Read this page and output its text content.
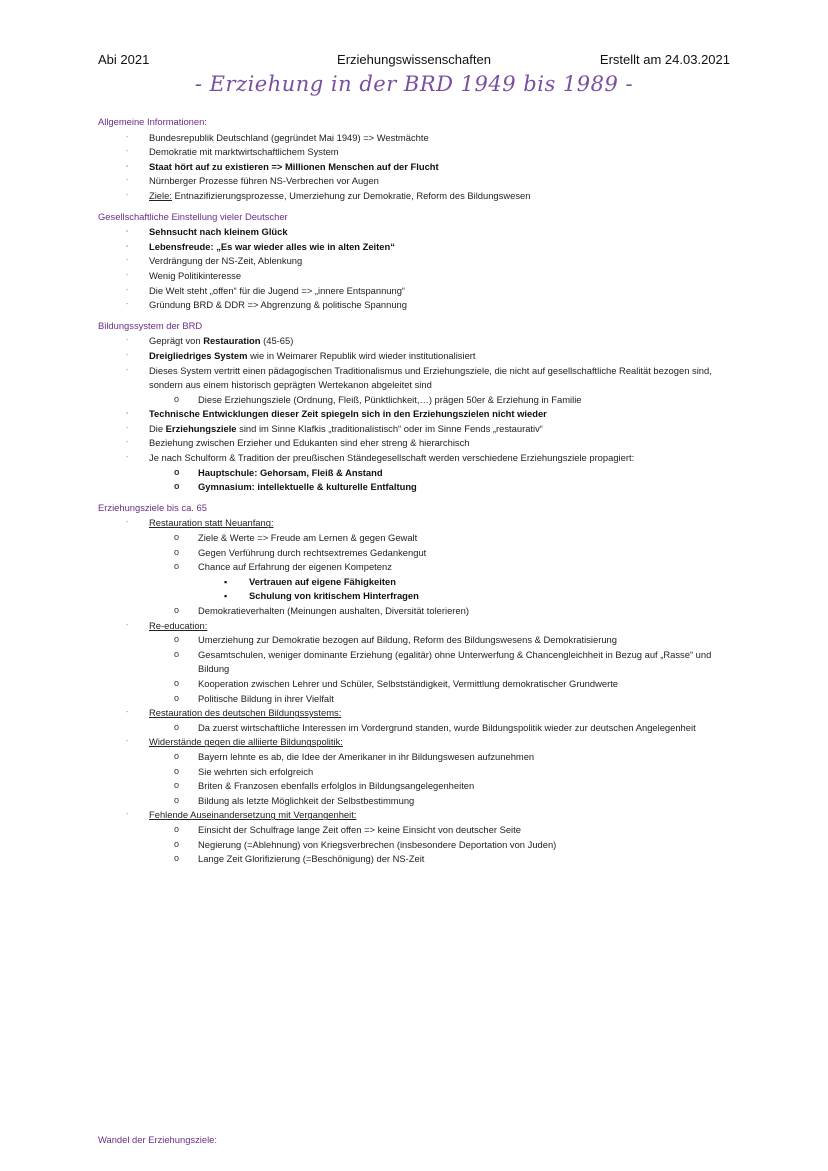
Abi 2021	Erziehungswissenschaften	Erstellt am 24.03.2021
- Erziehung in der BRD 1949 bis 1989 -
Allgemeine Informationen:
- Bundesrepublik Deutschland (gegründet Mai 1949) => Westmächte
- Demokratie mit marktwirtschaftlichem System
- Staat hört auf zu existieren => Millionen Menschen auf der Flucht
- Nürnberger Prozesse führen NS-Verbrechen vor Augen
- Ziele: Entnazifizierungsprozesse, Umerziehung zur Demokratie, Reform des Bildungswesen
Gesellschaftliche Einstellung vieler Deutscher
- Sehnsucht nach kleinem Glück
- Lebensfreude: „Es war wieder alles wie in alten Zeiten“
- Verdrängung der NS-Zeit, Ablenkung
- Wenig Politikinteresse
- Die Welt steht „offen“ für die Jugend => „innere Entspannung“
- Gründung BRD & DDR => Abgrenzung & politische Spannung
Bildungssystem der BRD
- Geprägt von Restauration (45-65)
- Dreigliedriges System wie in Weimarer Republik wird wieder institutionalisiert
- Dieses System vertritt einen pädagogischen Traditionalismus und Erziehungsziele, die nicht auf gesellschaftliche Realität bezogen sind, sondern aus einem historisch geprägten Wertekanon abgeleitet sind
o Diese Erziehungsziele (Ordnung, Fleiß, Pünktlichkeit,…) prägen 50er & Erziehung in Familie
- Technische Entwicklungen dieser Zeit spiegeln sich in den Erziehungszielen nicht wieder
- Die Erziehungsziele sind im Sinne Klafkis „traditionalistisch“ oder im Sinne Fends „restaurativ“
- Beziehung zwischen Erzieher und Edukanten sind eher streng & hierarchisch
- Je nach Schulform & Tradition der preußischen Ständegesellschaft werden verschiedene Erziehungsziele propagiert:
o Hauptschule: Gehorsam, Fleiß & Anstand
o Gymnasium: intellektuelle & kulturelle Entfaltung
Erziehungsziele bis ca. 65
- Restauration statt Neuanfang:
o Ziele & Werte => Freude am Lernen & gegen Gewalt
o Gegen Verführung durch rechtsextremes Gedankengut
o Chance auf Erfahrung der eigenen Kompetenz
▪ Vertrauen auf eigene Fähigkeiten
▪ Schulung von kritischem Hinterfragen
o Demokratieverhalten (Meinungen aushalten, Diversität tolerieren)
- Re-education:
o Umerziehung zur Demokratie bezogen auf Bildung, Reform des Bildungswesens & Demokratisierung
o Gesamtschulen, weniger dominante Erziehung (egalitär) ohne Unterwerfung & Chancengleichheit in Bezug auf „Rasse“ und Bildung
o Kooperation zwischen Lehrer und Schüler, Selbstständigkeit, Vermittlung demokratischer Grundwerte
o Politische Bildung in ihrer Vielfalt
- Restauration des deutschen Bildungssystems:
o Da zuerst wirtschaftliche Interessen im Vordergrund standen, wurde Bildungspolitik wieder zur deutschen Angelegenheit
- Widerstände gegen die alliierte Bildungspolitik:
o Bayern lehnte es ab, die Idee der Amerikaner in ihr Bildungswesen aufzunehmen
o Sie wehrten sich erfolgreich
o Briten & Franzosen ebenfalls erfolglos in Bildungsangelegenheiten
o Bildung als letzte Möglichkeit der Selbstbestimmung
- Fehlende Auseinandersetzung mit Vergangenheit:
o Einsicht der Schulfrage lange Zeit offen => keine Einsicht von deutscher Seite
o Negierung (=Ablehnung) von Kriegsverbrechen (insbesondere Deportation von Juden)
o Lange Zeit Glorifizierung (=Beschönigung) der NS-Zeit
Wandel der Erziehungsziele:
